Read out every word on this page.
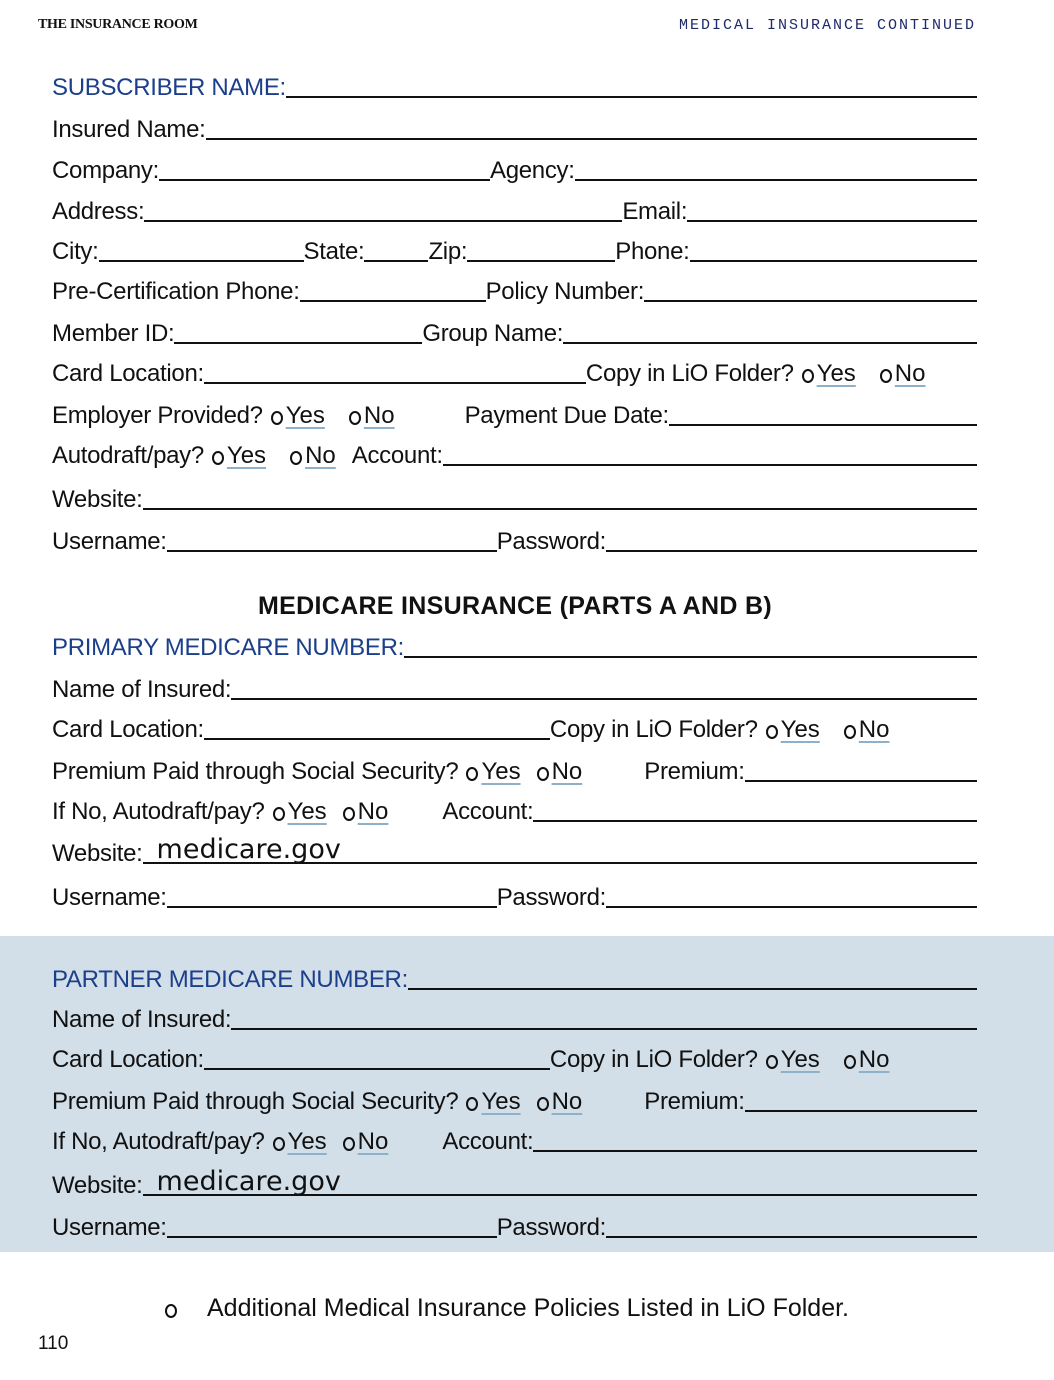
THE INSURANCE ROOM	MEDICAL INSURANCE CONTINUED
SUBSCRIBER NAME:
Insured Name:
Company:	Agency:
Address:	Email:
City:	State:	Zip:	Phone:
Pre-Certification Phone:	Policy Number:
Member ID:	Group Name:
Card Location:	Copy in LiO Folder? Yes No
Employer Provided? Yes No	Payment Due Date:
Autodraft/pay? Yes No Account:
Website:
Username:	Password:
MEDICARE INSURANCE (PARTS A AND B)
PRIMARY MEDICARE NUMBER:
Name of Insured:
Card Location:	Copy in LiO Folder? Yes No
Premium Paid through Social Security? Yes No	Premium:
If No, Autodraft/pay? Yes No Account:
Website: medicare.gov
Username:	Password:
PARTNER MEDICARE NUMBER:
Name of Insured:
Card Location:	Copy in LiO Folder? Yes No
Premium Paid through Social Security? Yes No	Premium:
If No, Autodraft/pay? Yes No Account:
Website: medicare.gov
Username:	Password:
Additional Medical Insurance Policies Listed in LiO Folder.
110
